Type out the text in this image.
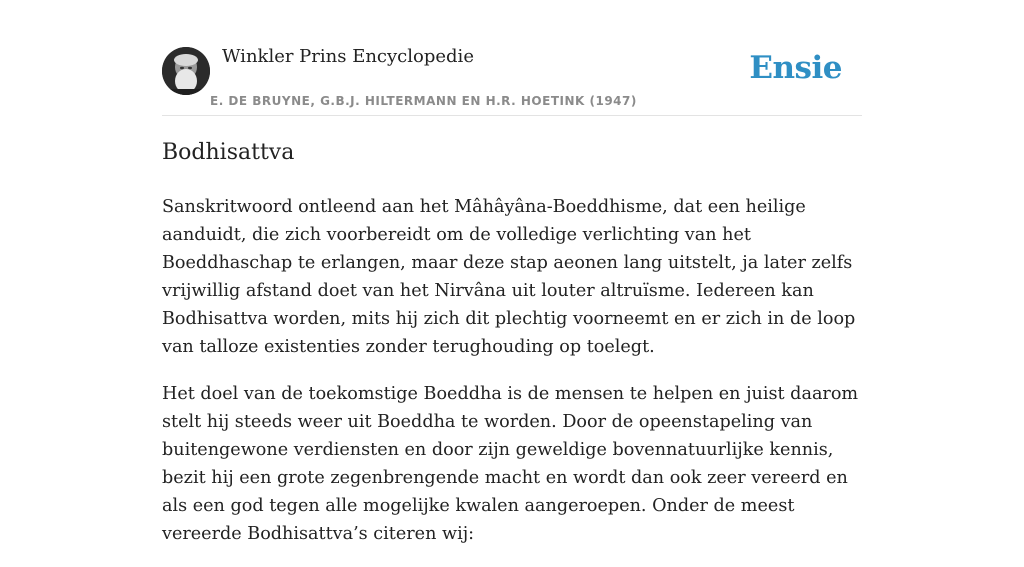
Winkler Prins Encyclopedie	Ensie
E. DE BRUYNE, G.B.J. HILTERMANN EN H.R. HOETINK (1947)
Bodhisattva

Sanskritwoord ontleend aan het Mâhâyâna-Boeddhisme, dat een heilige aanduidt, die zich voorbereidt om de volledige verlichting van het Boeddhaschap te erlangen, maar deze stap aeonen lang uitstelt, ja later zelfs vrijwillig afstand doet van het Nirvâna uit louter altruïsme. Iedereen kan Bodhisattva worden, mits hij zich dit plechtig voorneemt en er zich in de loop van talloze existenties zonder terughouding op toelegt.

Het doel van de toekomstige Boeddha is de mensen te helpen en juist daarom stelt hij steeds weer uit Boeddha te worden. Door de opeenstapeling van buitengewone verdiensten en door zijn geweldige bovennatuurlijke kennis, bezit hij een grote zegenbrengende macht en wordt dan ook zeer vereerd en als een god tegen alle mogelijke kwalen aangeroepen. Onder de meest vereerde Bodhisattva’s citeren wij:
